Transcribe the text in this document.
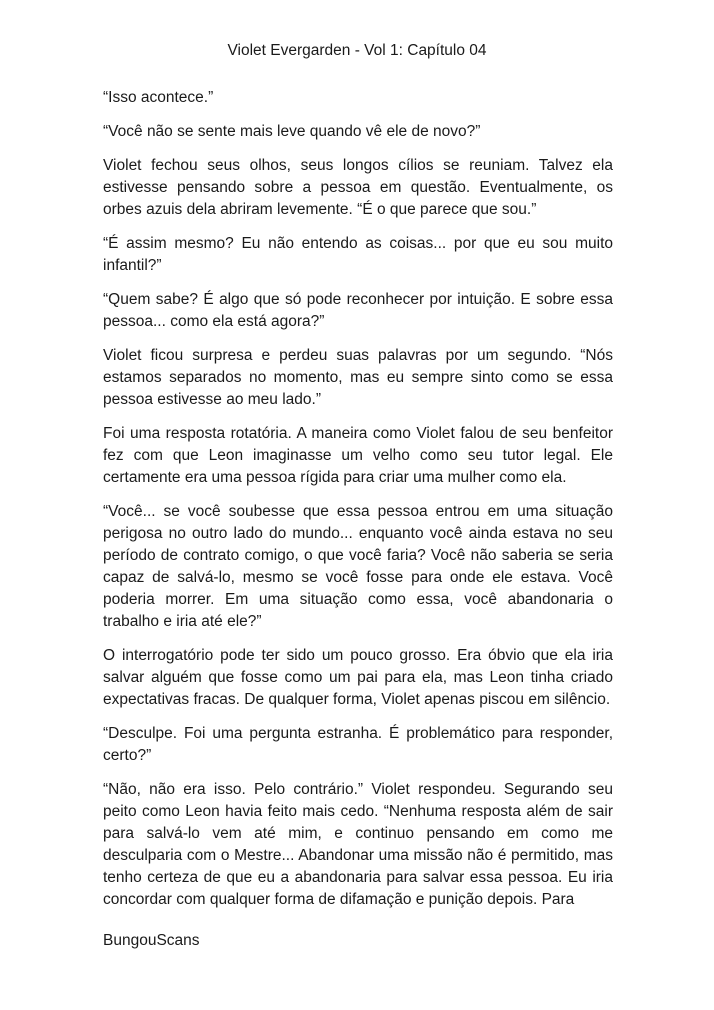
Violet Evergarden - Vol 1: Capítulo 04

“Isso acontece.”

“Você não se sente mais leve quando vê ele de novo?”

Violet fechou seus olhos, seus longos cílios se reuniam. Talvez ela estivesse pensando sobre a pessoa em questão. Eventualmente, os orbes azuis dela abriram levemente. “É o que parece que sou.”

“É assim mesmo? Eu não entendo as coisas... por que eu sou muito infantil?”

“Quem sabe? É algo que só pode reconhecer por intuição. E sobre essa pessoa... como ela está agora?”

Violet ficou surpresa e perdeu suas palavras por um segundo. “Nós estamos separados no momento, mas eu sempre sinto como se essa pessoa estivesse ao meu lado.”

Foi uma resposta rotatória. A maneira como Violet falou de seu benfeitor fez com que Leon imaginasse um velho como seu tutor legal. Ele certamente era uma pessoa rígida para criar uma mulher como ela.

“Você... se você soubesse que essa pessoa entrou em uma situação perigosa no outro lado do mundo... enquanto você ainda estava no seu período de contrato comigo, o que você faria? Você não saberia se seria capaz de salvá-lo, mesmo se você fosse para onde ele estava. Você poderia morrer. Em uma situação como essa, você abandonaria o trabalho e iria até ele?”

O interrogatório pode ter sido um pouco grosso. Era óbvio que ela iria salvar alguém que fosse como um pai para ela, mas Leon tinha criado expectativas fracas. De qualquer forma, Violet apenas piscou em silêncio.

“Desculpe. Foi uma pergunta estranha. É problemático para responder, certo?”

“Não, não era isso. Pelo contrário.” Violet respondeu. Segurando seu peito como Leon havia feito mais cedo. “Nenhuma resposta além de sair para salvá-lo vem até mim, e continuo pensando em como me desculparia com o Mestre... Abandonar uma missão não é permitido, mas tenho certeza de que eu a abandonaria para salvar essa pessoa. Eu iria concordar com qualquer forma de difamação e punição depois. Para

BungouScans
